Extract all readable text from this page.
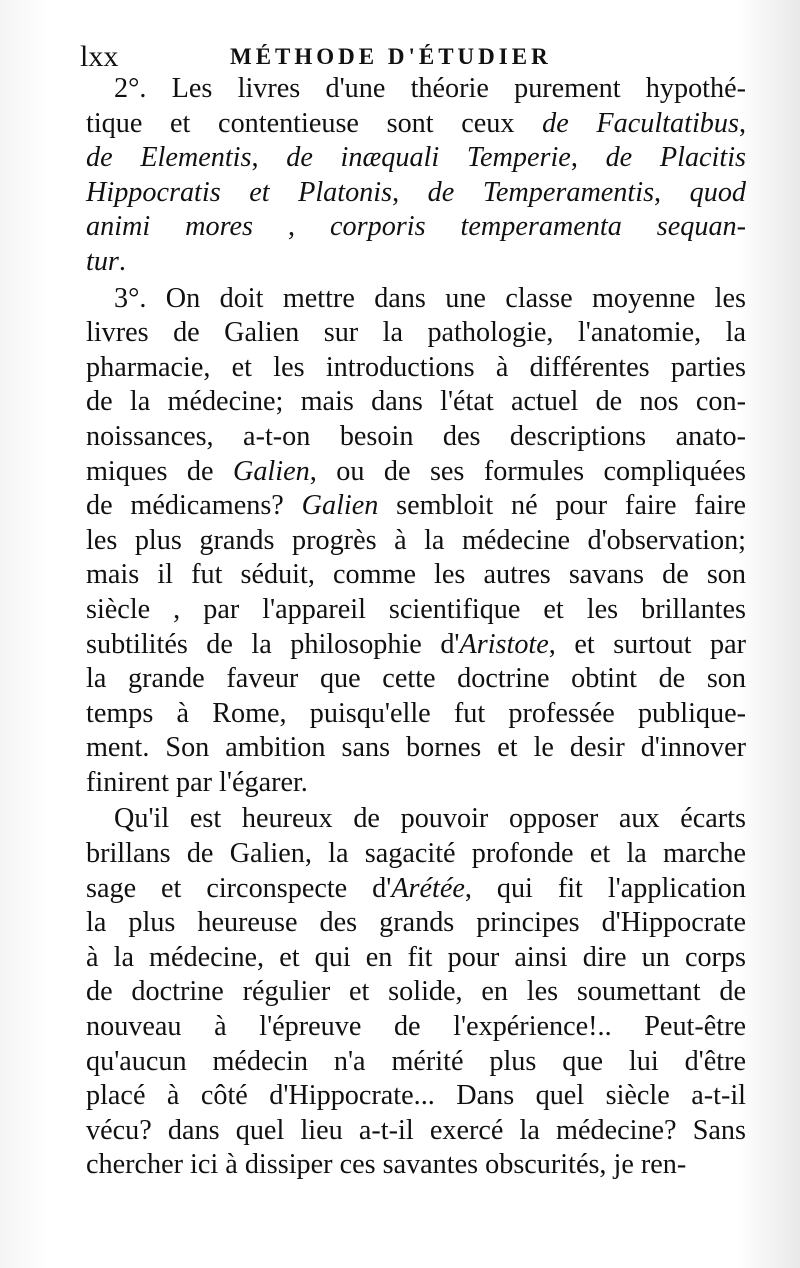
lxx	MÉTHODE D'ÉTUDIER
2°. Les livres d'une théorie purement hypothé-
tique et contentieuse sont ceux de Facultatibus,
de Elementis, de inæquali Temperie, de Placitis
Hippocratis et Platonis, de Temperamentis, quod
animi mores , corporis temperamenta sequan-
tur.
3°. On doit mettre dans une classe moyenne les
livres de Galien sur la pathologie, l'anatomie, la
pharmacie, et les introductions à différentes parties
de la médecine; mais dans l'état actuel de nos con-
noissances, a-t-on besoin des descriptions anato-
miques de Galien, ou de ses formules compliquées
de médicamens? Galien sembloit né pour faire faire
les plus grands progrès à la médecine d'observation;
mais il fut séduit, comme les autres savans de son
siècle , par l'appareil scientifique et les brillantes
subtilités de la philosophie d'Aristote, et surtout par
la grande faveur que cette doctrine obtint de son
temps à Rome, puisqu'elle fut professée publique-
ment. Son ambition sans bornes et le desir d'innover
finirent par l'égarer.
Qu'il est heureux de pouvoir opposer aux écarts
brillans de Galien, la sagacité profonde et la marche
sage et circonspecte d'Arétée, qui fit l'application
la plus heureuse des grands principes d'Hippocrate
à la médecine, et qui en fit pour ainsi dire un corps
de doctrine régulier et solide, en les soumettant de
nouveau à l'épreuve de l'expérience!.. Peut-être
qu'aucun médecin n'a mérité plus que lui d'être
placé à côté d'Hippocrate... Dans quel siècle a-t-il
vécu? dans quel lieu a-t-il exercé la médecine? Sans
chercher ici à dissiper ces savantes obscurités, je ren-
